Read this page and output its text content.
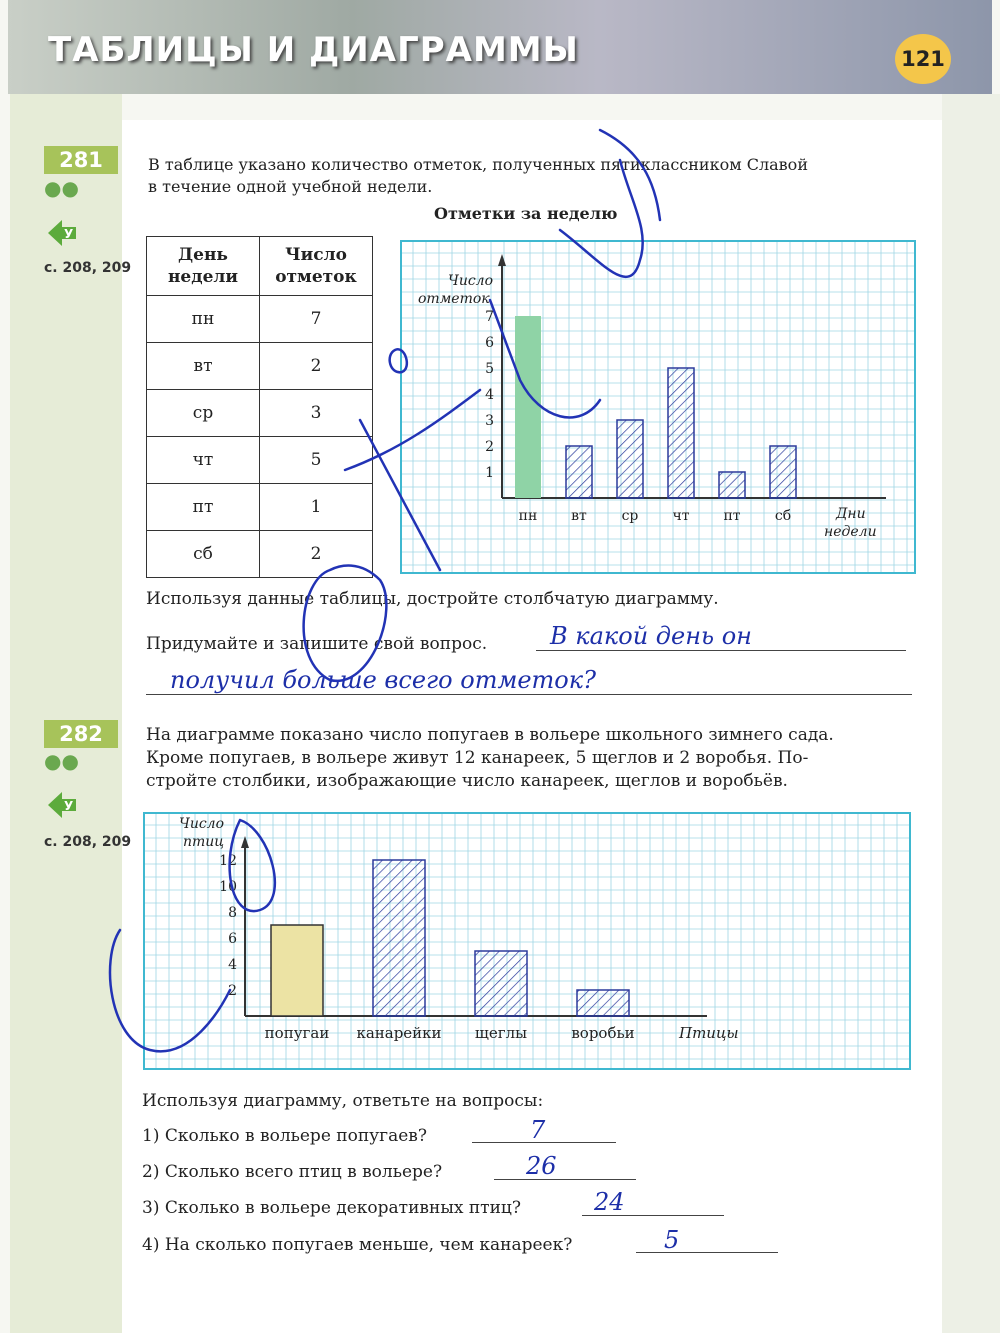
ТАБЛИЦЫ И ДИАГРАММЫ	121
281
●●
У
с. 208, 209
В таблице указано количество отметок, полученных пятиклассником Славой
в течение одной учебной недели.
Отметки за неделю
День недели	Число отметок
пн	7
вт	2
ср	3
чт	5
пт	1
сб	2
1
2
3
4
5
6
7
пн вт ср чт пт сб
Число
отметок
Дни
недели
Используя данные таблицы, достройте столбчатую диаграмму.
Придумайте и запишите свой вопрос.	В какой день он
получил больше всего отметок?
282
●●
У
с. 208, 209
На диаграмме показано число попугаев в вольере школьного зимнего сада.
Кроме попугаев, в вольере живут 12 канареек, 5 щеглов и 2 воробья. По-
стройте столбики, изображающие число канареек, щеглов и воробьёв.
2
4
6
8
10
12
попугаи канарейки щеглы	воробьи
Число
птиц
Птицы
Используя диаграмму, ответьте на вопросы:
1) Сколько в вольере попугаев?	7
2) Сколько всего птиц в вольере?	26
3) Сколько в вольере декоративных птиц?	24
4) На сколько попугаев меньше, чем канареек?	5
